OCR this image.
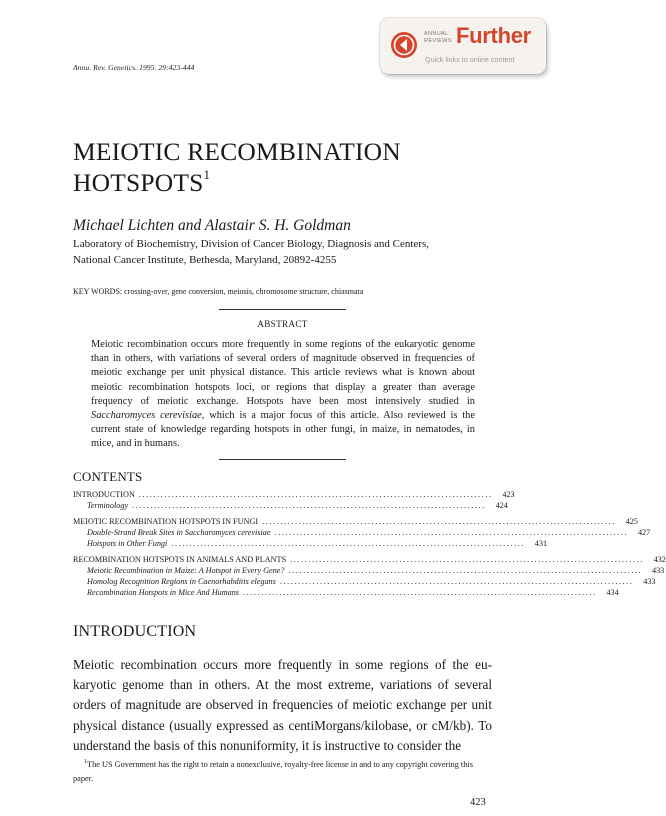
Annu. Rev. Genetics. 1995. 29:423-444
ANNUAL
REVIEWS Further
Quick links to online content
MEIOTIC RECOMBINATION
HOTSPOTS$^1$
Michael Lichten and Alastair S. H. Goldman
Laboratory of Biochemistry, Division of Cancer Biology, Diagnosis and Centers,
National Cancer Institute, Bethesda, Maryland, 20892-4255
KEY WORDS: crossing-over, gene conversion, meiosis, chromosome structure, chiasmata
ABSTRACT
Meiotic recombination occurs more frequently in some regions of the eukaryotic genome than in others, with variations of several orders of magnitude observed in frequencies of meiotic exchange per unit physical distance. This article reviews what is known about meiotic recombination hotspots loci, or regions that display a greater than average frequency of meiotic exchange. Hotspots have been most intensively studied in Saccharomyces cerevisiae, which is a major focus of this article. Also reviewed is the current state of knowledge regarding hotspots in other fungi, in maize, in nematodes, in mice, and in humans.
CONTENTS
INTRODUCTION .................................................................................................	423
Terminology .................................................................................................	424
MEIOTIC RECOMBINATION HOTSPOTS IN FUNGI .................................................................................................	425
Double-Strand Break Sites in Saccharomyces cerevisiae .................................................................................................	427
Hotspots in Other Fungi .................................................................................................	431
RECOMBINATION HOTSPOTS IN ANIMALS AND PLANTS .................................................................................................	432
Meiotic Recombination in Maize: A Hotspot in Every Gene? .................................................................................................	433
Homolog Recognition Regions in Caenorhabditis elegans .................................................................................................	433
Recombination Hotspots in Mice And Humans .................................................................................................	434
INTRODUCTION
Meiotic recombination occurs more frequently in some regions of the eu-karyotic genome than in others. At the most extreme, variations of several orders of magnitude are observed in frequencies of meiotic exchange per unit physical distance (usually expressed as centiMorgans/kilobase, or cM/kb). To understand the basis of this nonuniformity, it is instructive to consider the
$^1$The US Government has the right to retain a nonexclusive, royalty-free license in and to any copyright covering this paper.
423
